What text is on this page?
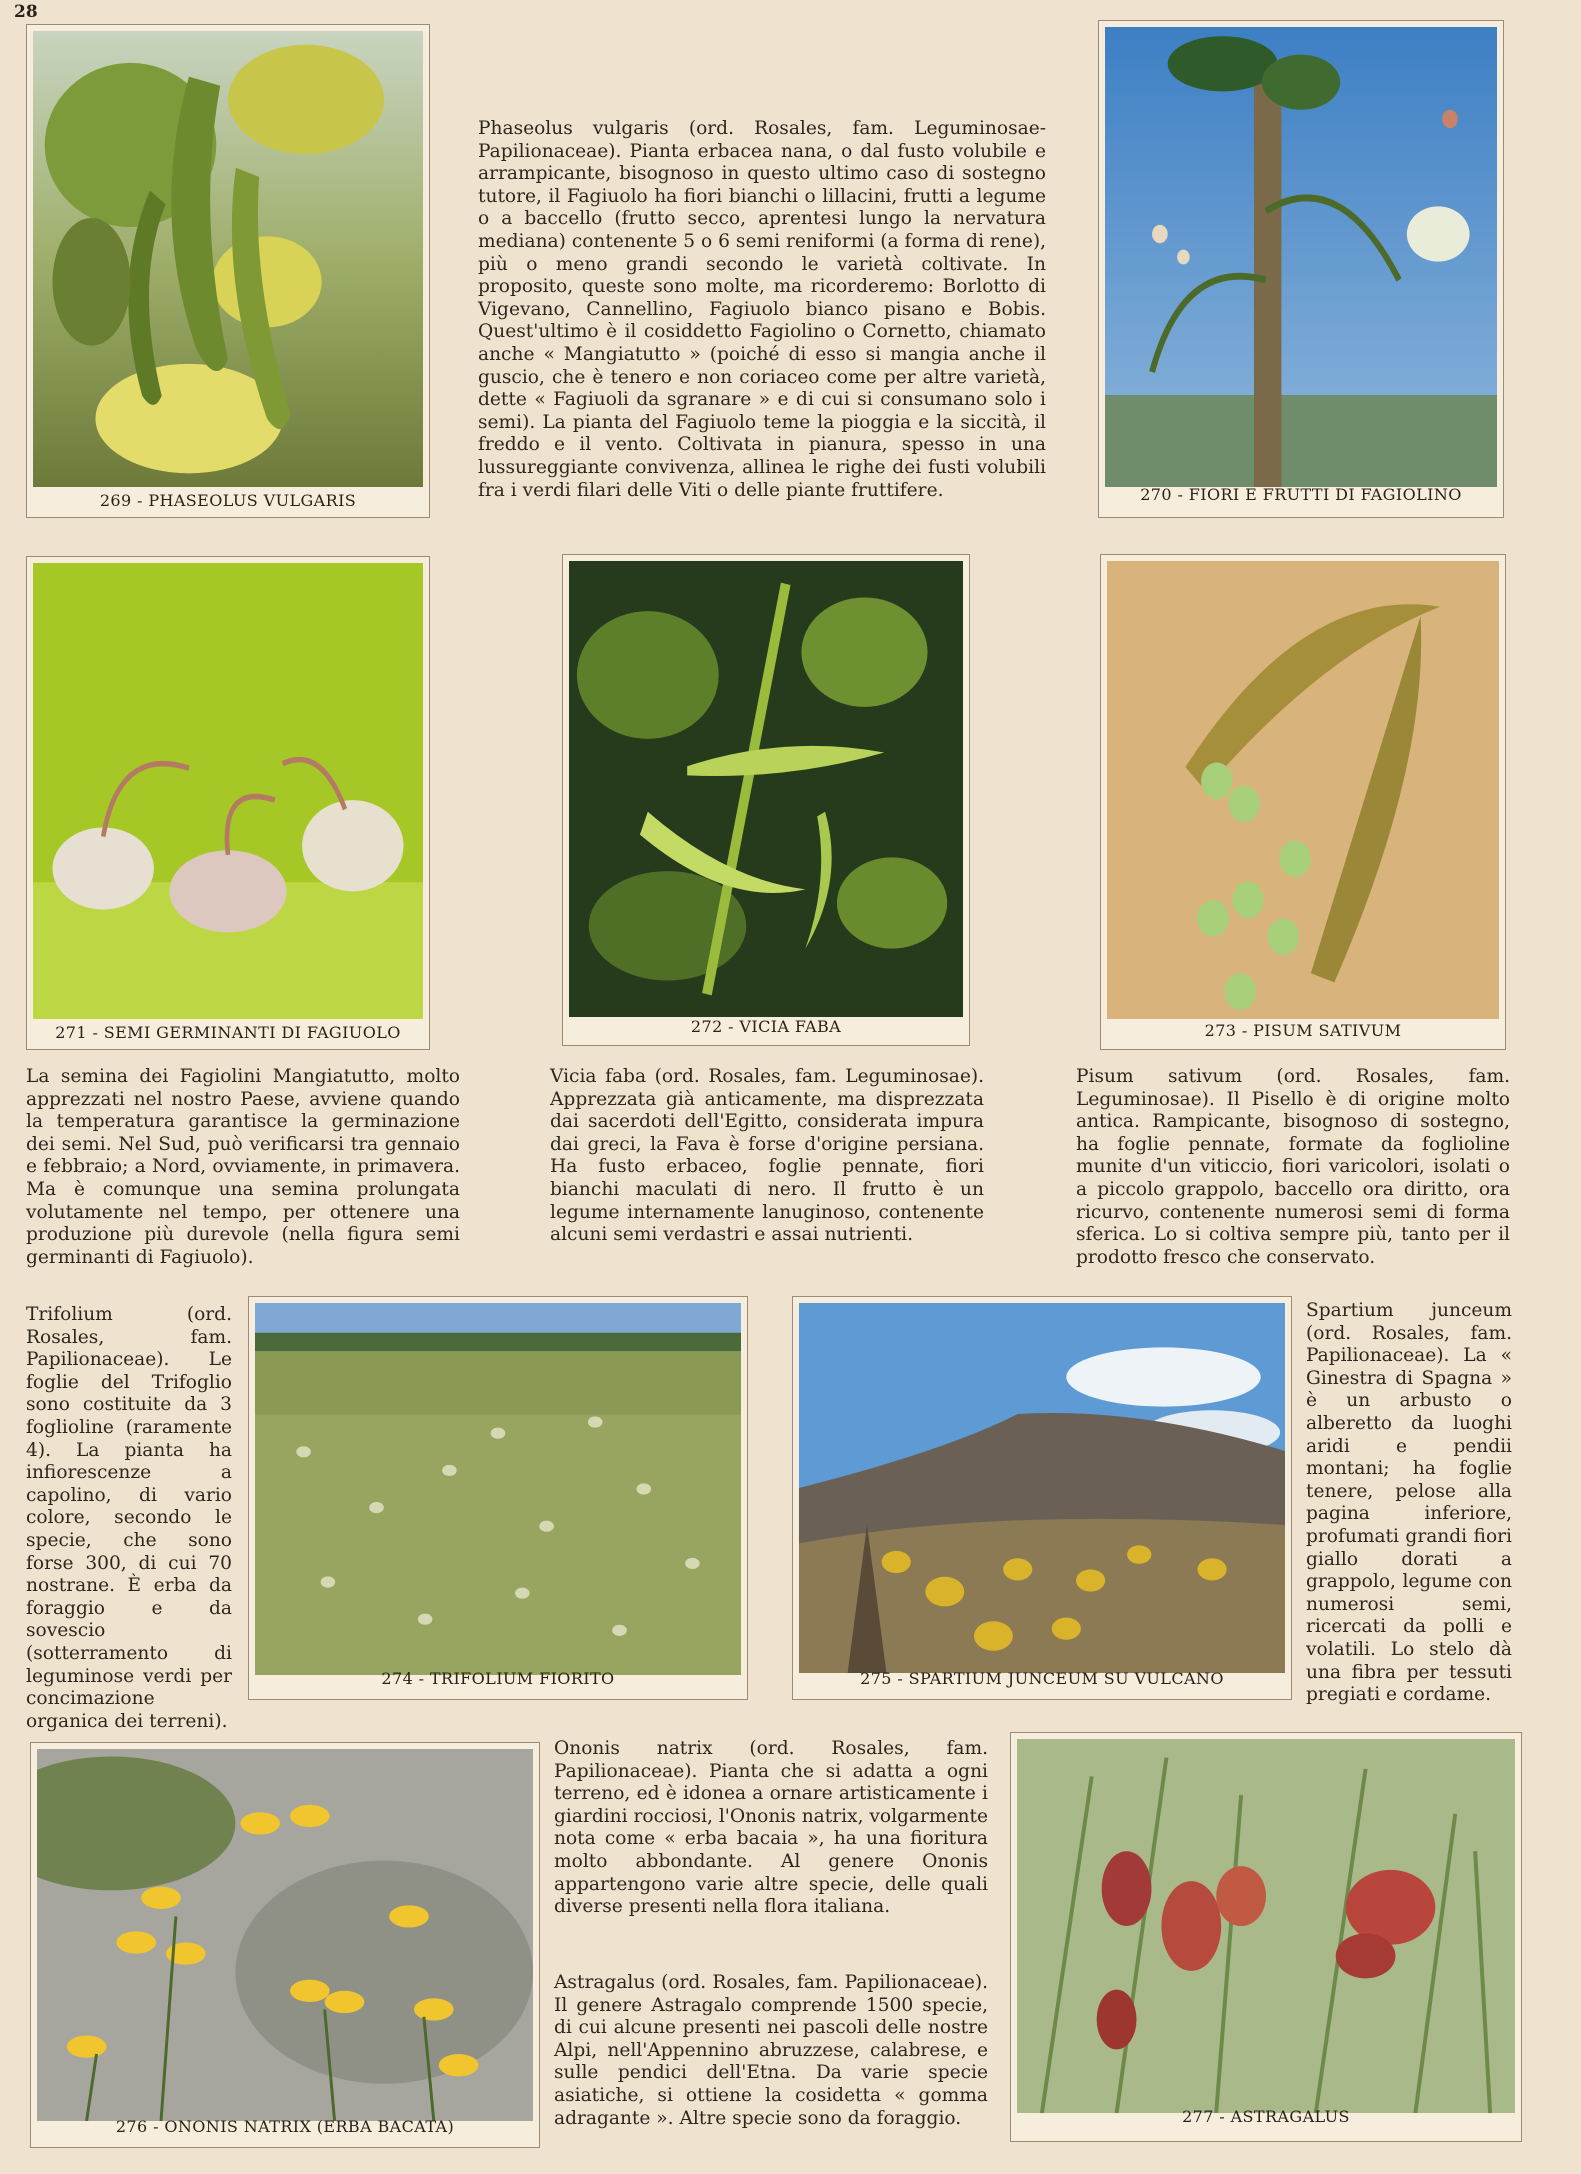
28
269 - PHASEOLUS VULGARIS
Phaseolus vulgaris (ord. Rosales, fam. Leguminosae-Papilionaceae). Pianta erbacea nana, o dal fusto volubile e arrampicante, bisognoso in questo ultimo caso di sostegno tutore, il Fagiuolo ha fiori bianchi o lillacini, frutti a legume o a baccello (frutto secco, aprentesi lungo la nervatura mediana) contenente 5 o 6 semi reniformi (a forma di rene), più o meno grandi secondo le varietà coltivate. In proposito, queste sono molte, ma ricorderemo: Borlotto di Vigevano, Cannellino, Fagiuolo bianco pisano e Bobis. Quest'ultimo è il cosiddetto Fagiolino o Cornetto, chiamato anche « Mangiatutto » (poiché di esso si mangia anche il guscio, che è tenero e non coriaceo come per altre varietà, dette « Fagiuoli da sgranare » e di cui si consumano solo i semi). La pianta del Fagiuolo teme la pioggia e la siccità, il freddo e il vento. Coltivata in pianura, spesso in una lussureggiante convivenza, allinea le righe dei fusti volubili fra i verdi filari delle Viti o delle piante fruttifere.	270 - FIORI E FRUTTI DI FAGIOLINO
271 - SEMI GERMINANTI DI FAGIUOLO	272 - VICIA FABA	273 - PISUM SATIVUM
La semina dei Fagiolini Mangiatutto, molto apprezzati nel nostro Paese, avviene quando la temperatura garantisce la germinazione dei semi. Nel Sud, può verificarsi tra gennaio e febbraio; a Nord, ovviamente, in primavera. Ma è comunque una semina prolungata volutamente nel tempo, per ottenere una produzione più durevole (nella figura semi germinanti di Fagiuolo).
Vicia faba (ord. Rosales, fam. Leguminosae). Apprezzata già anticamente, ma disprezzata dai sacerdoti dell'Egitto, considerata impura dai greci, la Fava è forse d'origine persiana. Ha fusto erbaceo, foglie pennate, fiori bianchi maculati di nero. Il frutto è un legume internamente lanuginoso, contenente alcuni semi verdastri e assai nutrienti.
Pisum sativum (ord. Rosales, fam. Leguminosae). Il Pisello è di origine molto antica. Rampicante, bisognoso di sostegno, ha foglie pennate, formate da foglioline munite d'un viticcio, fiori varicolori, isolati o a piccolo grappolo, baccello ora diritto, ora ricurvo, contenente numerosi semi di forma sferica. Lo si coltiva sempre più, tanto per il prodotto fresco che conservato.
Trifolium (ord. Rosales, fam. Papilionaceae). Le foglie del Trifoglio sono costituite da 3 foglioline (raramente 4). La pianta ha infiorescenze a capolino, di vario colore, secondo le specie, che sono forse 300, di cui 70 nostrane. È erba da foraggio e da sovescio (sotterramento di leguminose verdi per concimazione organica dei terreni).
274 - TRIFOLIUM FIORITO	275 - SPARTIUM JUNCEUM SU VULCANO
Spartium junceum (ord. Rosales, fam. Papilionaceae). La « Ginestra di Spagna » è un arbusto o alberetto da luoghi aridi e pendii montani; ha foglie tenere, pelose alla pagina inferiore, profumati grandi fiori giallo dorati a grappolo, legume con numerosi semi, ricercati da polli e volatili. Lo stelo dà una fibra per tessuti pregiati e cordame.
276 - ONONIS NATRIX (ERBA BACATA)
Ononis natrix (ord. Rosales, fam. Papilionaceae). Pianta che si adatta a ogni terreno, ed è idonea a ornare artisticamente i giardini rocciosi, l'Ononis natrix, volgarmente nota come « erba bacaia », ha una fioritura molto abbondante. Al genere Ononis appartengono varie altre specie, delle quali diverse presenti nella flora italiana.
Astragalus (ord. Rosales, fam. Papilionaceae). Il genere Astragalo comprende 1500 specie, di cui alcune presenti nei pascoli delle nostre Alpi, nell'Appennino abruzzese, calabrese, e sulle pendici dell'Etna. Da varie specie asiatiche, si ottiene la cosidetta « gomma adragante ». Altre specie sono da foraggio.	277 - ASTRAGALUS
